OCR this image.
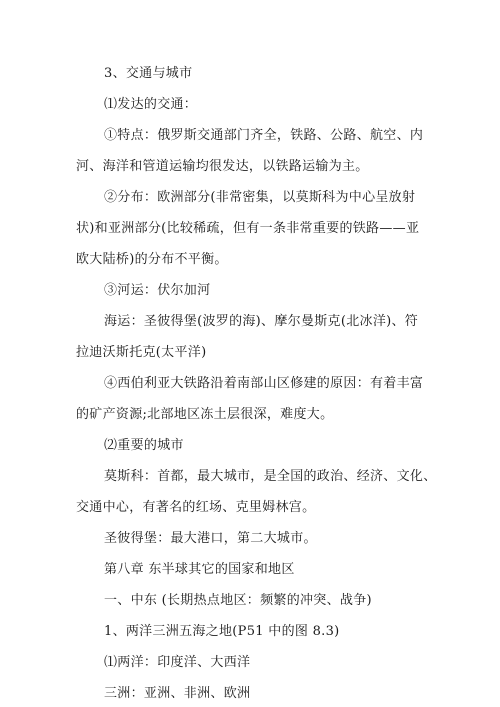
3、交通与城市
⑴发达的交通：
①特点：俄罗斯交通部门齐全，铁路、公路、航空、内
河、海洋和管道运输均很发达，以铁路运输为主。
②分布：欧洲部分(非常密集，以莫斯科为中心呈放射
状)和亚洲部分(比较稀疏，但有一条非常重要的铁路——亚
欧大陆桥)的分布不平衡。
③河运：伏尔加河
海运：圣彼得堡(波罗的海)、摩尔曼斯克(北冰洋)、符
拉迪沃斯托克(太平洋)
④西伯利亚大铁路沿着南部山区修建的原因：有着丰富
的矿产资源;北部地区冻土层很深，难度大。
⑵重要的城市
莫斯科：首都，最大城市，是全国的政治、经济、文化、
交通中心，有著名的红场、克里姆林宫。
圣彼得堡：最大港口，第二大城市。
第八章 东半球其它的国家和地区
一、中东 (长期热点地区：频繁的冲突、战争)
1、两洋三洲五海之地(P51 中的图 8.3)
⑴两洋：印度洋、大西洋
三洲：亚洲、非洲、欧洲
